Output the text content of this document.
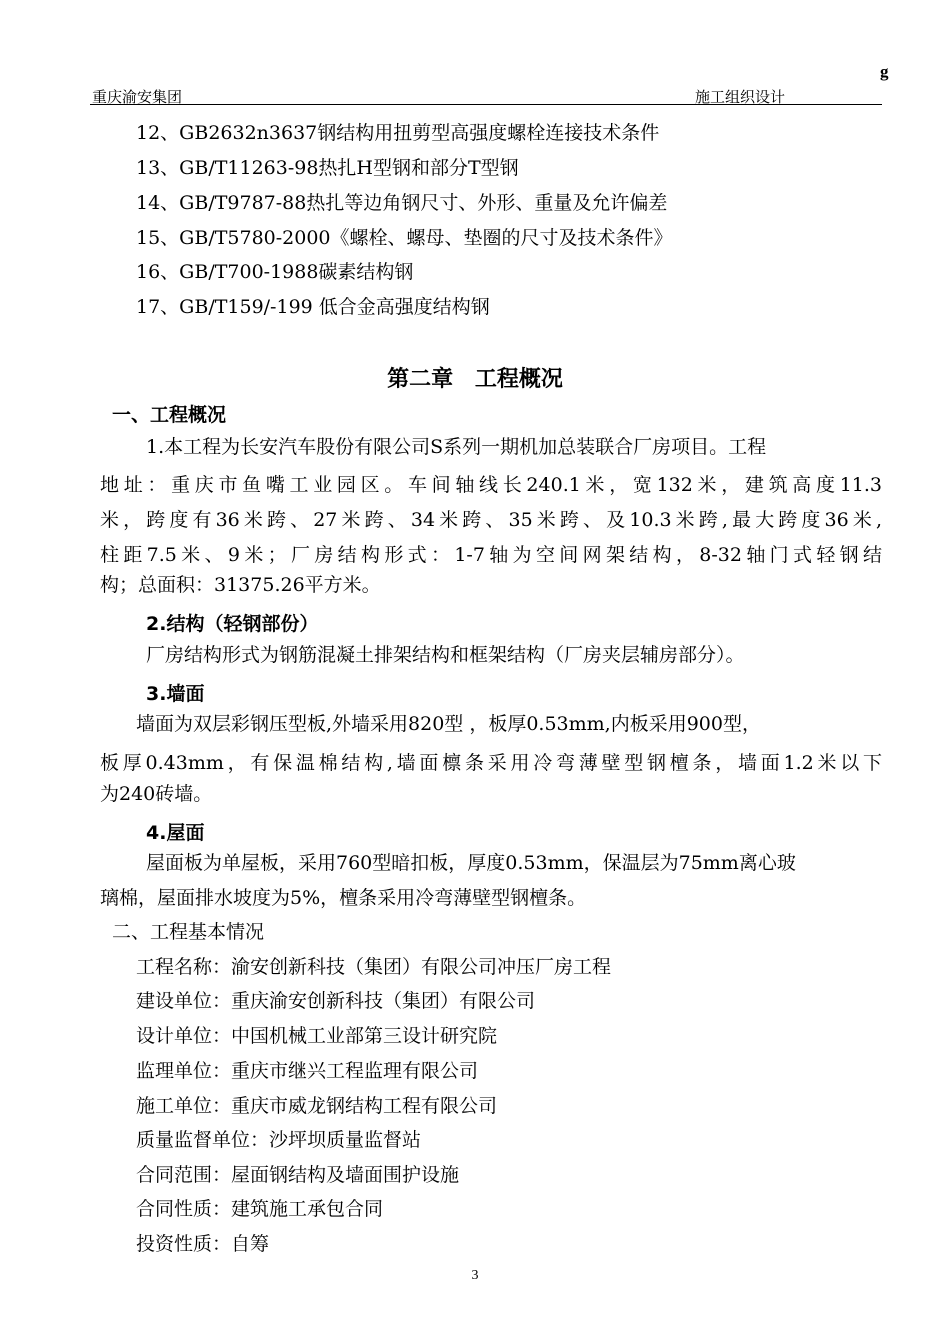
g
重庆渝安集团	施工组织设计
12、GB2632n3637钢结构用扭剪型高强度螺栓连接技术条件
13、GB/T11263-98热扎H型钢和部分T型钢
14、GB/T9787-88热扎等边角钢尺寸、外形、重量及允许偏差
15、GB/T5780-2000《螺栓、螺母、垫圈的尺寸及技术条件》
16、GB/T700-1988碳素结构钢
17、GB/T159/-199 低合金高强度结构钢
第二章 工程概况
一、工程概况
1.本工程为长安汽车股份有限公司S系列一期机加总装联合厂房项目。工程
地址：重庆市鱼嘴工业园区。车间轴线长240.1米，宽132米，建筑高度11.3
米，跨度有36米跨、27米跨、34米跨、35米跨、及10.3米跨,最大跨度36米,
柱距7.5米、9米；厂房结构形式：1-7轴为空间网架结构，8-32轴门式轻钢结
构；总面积：31375.26平方米。
2.结构（轻钢部份）
厂房结构形式为钢筋混凝土排架结构和框架结构（厂房夹层辅房部分）。
3.墙面
墙面为双层彩钢压型板,外墙采用820型 ，板厚0.53mm,内板采用900型，
板厚0.43mm，有保温棉结构,墙面檩条采用冷弯薄壁型钢檀条，墙面1.2米以下
为240砖墙。
4.屋面
屋面板为单屋板，采用760型暗扣板，厚度0.53mm，保温层为75mm离心玻
璃棉，屋面排水坡度为5%，檀条采用冷弯薄壁型钢檀条。
二、工程基本情况
工程名称：渝安创新科技（集团）有限公司冲压厂房工程
建设单位：重庆渝安创新科技（集团）有限公司
设计单位：中国机械工业部第三设计研究院
监理单位：重庆市继兴工程监理有限公司
施工单位：重庆市威龙钢结构工程有限公司
质量监督单位：沙坪坝质量监督站
合同范围：屋面钢结构及墙面围护设施
合同性质：建筑施工承包合同
投资性质：自筹
3
